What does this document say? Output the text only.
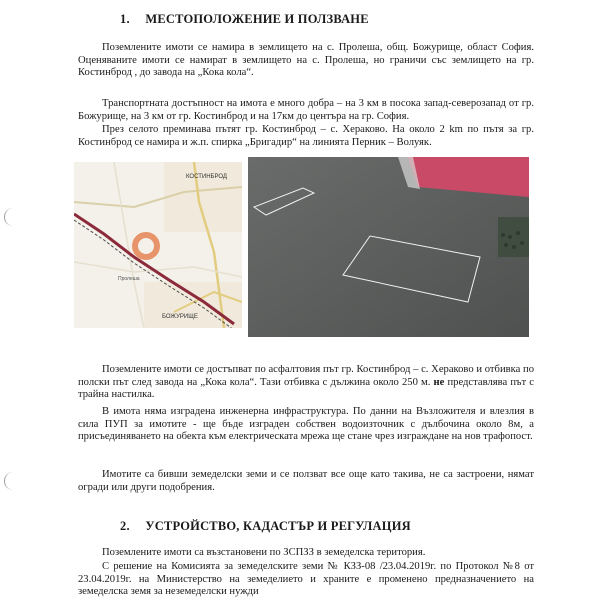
1. МЕСТОПОЛОЖЕНИЕ И ПОЛЗВАНЕ
Поземлените имоти се намира в землището на с. Пролеша, общ. Божурище, област София. Оценяваните имоти се намират в землището на с. Пролеша, но граничи със землището на гр. Костинброд , до завода на „Кока кола“.
Транспортната достъпност на имота е много добра – на 3 км в посока запад-северозапад от гр. Божурище, на 3 км от гр. Костинброд и на 17км до центъра на гр. София.
През селото преминава пътят гр. Костинброд – с. Хераково. На около 2 km по пътя за гр. Костинброд се намира и ж.п. спирка „Бригадир“ на линията Перник – Волуяк.
КОСТИНБРОД
БОЖУРИЩЕ
Пролеша
Поземлените имоти се достъпват по асфалтовия път гр. Костинброд – с. Хераково и отбивка по полски път след завода на „Кока кола“. Тази отбивка с дължина около 250 м. не представлява път с трайна настилка.
В имота няма изградена инженерна инфраструктура. По данни на Възложителя и влезлия в сила ПУП за имотите - ще бъде изграден собствен водоизточник с дълбочина около 8м, а присъединяването на обекта към електрическата мрежа ще стане чрез изграждане на нов трафопост.
Имотите са бивши земеделски земи и се ползват все още като такива, не са застроени, нямат огради или други подобрения.
2. УСТРОЙСТВО, КАДАСТЪР И РЕГУЛАЦИЯ
Поземлените имоти са възстановени по ЗСПЗЗ в земеделска територия.
С решение на Комисията за земеделските земи № КЗЗ-08 /23.04.2019г. по Протокол №8 от 23.04.2019г. на Министерство на земеделието и храните е променено предназначението на земеделска земя за неземеделски нужди
